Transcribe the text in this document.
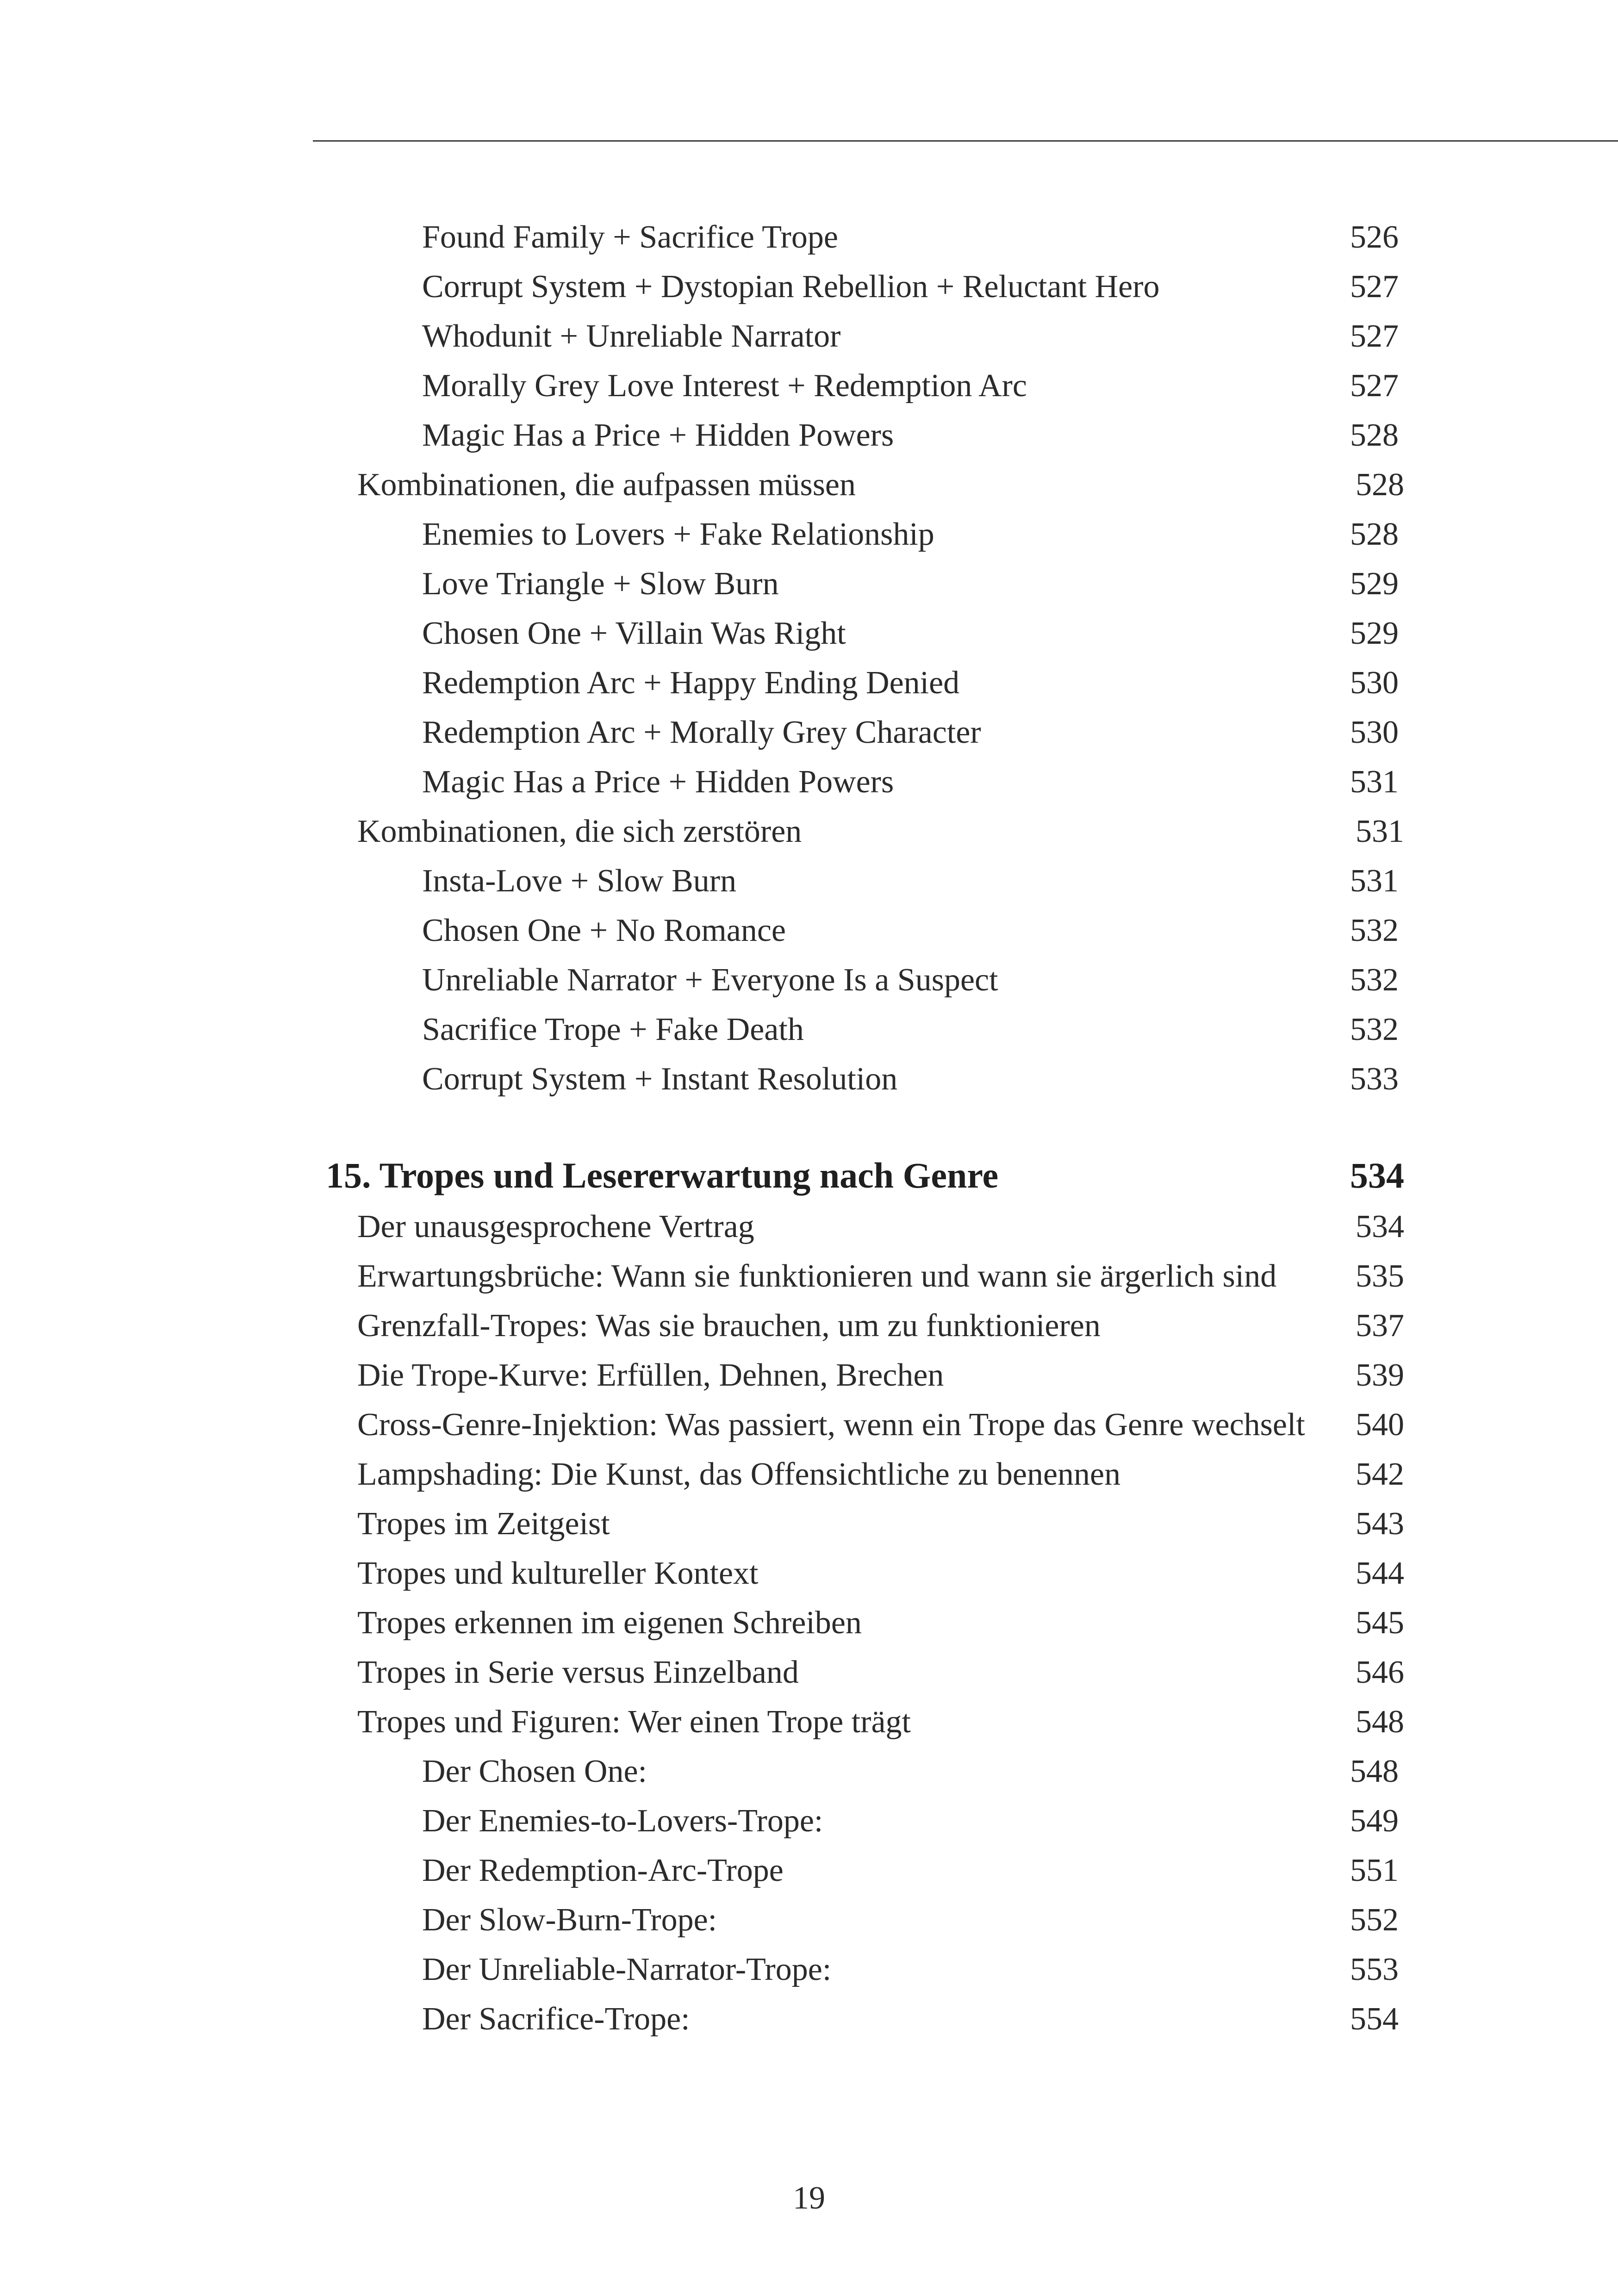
Found Family + Sacrifice Trope .....	526
Corrupt System + Dystopian Rebellion + Reluctant Hero .....	527
Whodunit + Unreliable Narrator .....	527
Morally Grey Love Interest + Redemption Arc .....	527
Magic Has a Price + Hidden Powers .....	528
Kombinationen, die aufpassen müssen .....	528
Enemies to Lovers + Fake Relationship .....	528
Love Triangle + Slow Burn .....	529
Chosen One + Villain Was Right .....	529
Redemption Arc + Happy Ending Denied .....	530
Redemption Arc + Morally Grey Character .....	530
Magic Has a Price + Hidden Powers .....	531
Kombinationen, die sich zerstören .....	531
Insta-Love + Slow Burn .....	531
Chosen One + No Romance .....	532
Unreliable Narrator + Everyone Is a Suspect .....	532
Sacrifice Trope + Fake Death .....	532
Corrupt System + Instant Resolution .....	533
15. Tropes und Lesererwartung nach Genre .....	534
Der unausgesprochene Vertrag .....	534
Erwartungsbrüche: Wann sie funktionieren und wann sie ärgerlich sind ..... 535
Grenzfall-Tropes: Was sie brauchen, um zu funktionieren .....	537
Die Trope-Kurve: Erfüllen, Dehnen, Brechen .....	539
Cross-Genre-Injektion: Was passiert, wenn ein Trope das Genre wechselt ..... 540
Lampshading: Die Kunst, das Offensichtliche zu benennen .....	542
Tropes im Zeitgeist .....	543
Tropes und kultureller Kontext .....	544
Tropes erkennen im eigenen Schreiben .....	545
Tropes in Serie versus Einzelband .....	546
Tropes und Figuren: Wer einen Trope trägt .....	548
Der Chosen One: .....	548
Der Enemies-to-Lovers-Trope: .....	549
Der Redemption-Arc-Trope .....	551
Der Slow-Burn-Trope: .....	552
Der Unreliable-Narrator-Trope: .....	553
Der Sacrifice-Trope: .....	554
19
